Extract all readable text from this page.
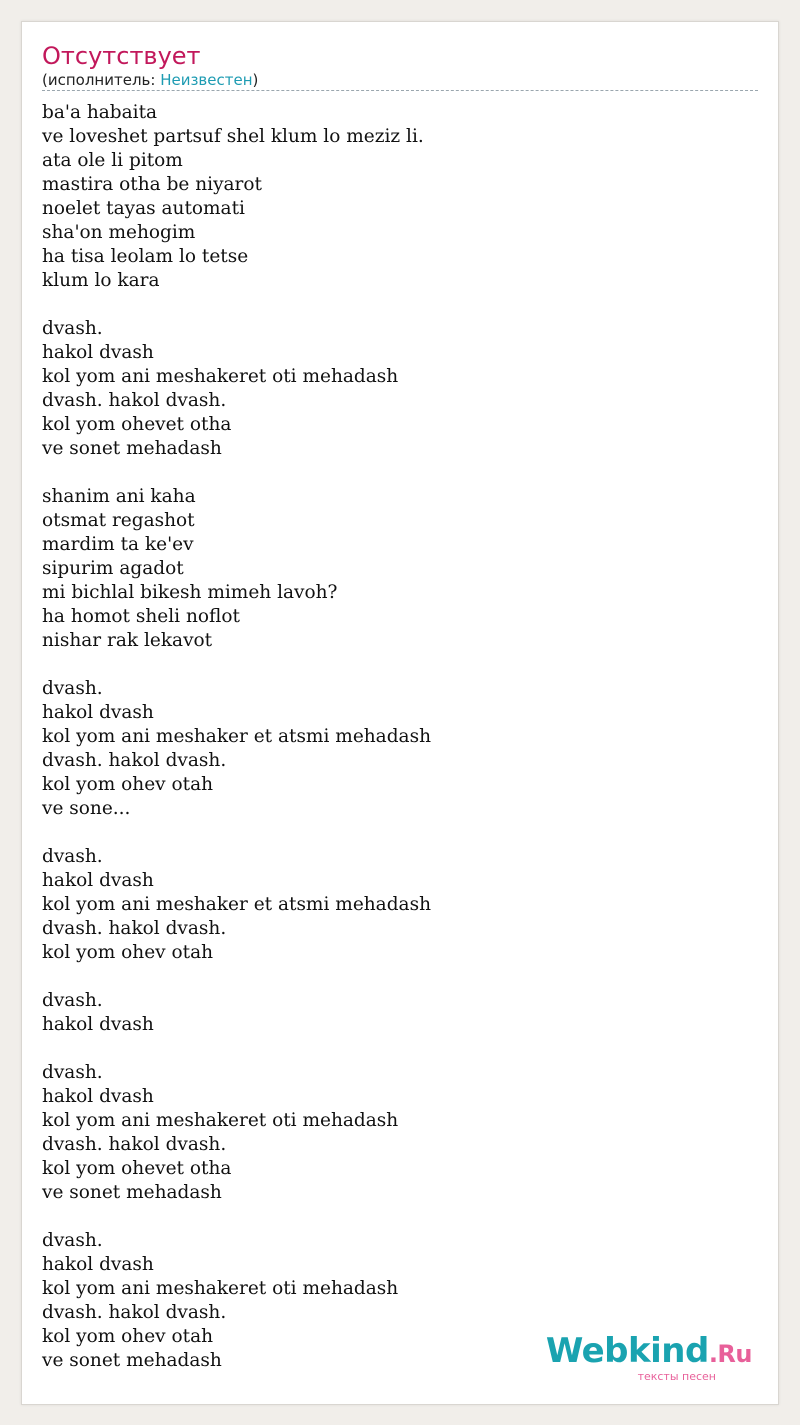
Отсутствует
(исполнитель: Неизвестен)
ba'a habaita
ve loveshet partsuf shel klum lo meziz li.
ata ole li pitom
mastira otha be niyarot
noelet tayas automati
sha'on mehogim
ha tisa leolam lo tetse
klum lo kara
dvash.
hakol dvash
kol yom ani meshakeret oti mehadash
dvash. hakol dvash.
kol yom ohevet otha
ve sonet mehadash
shanim ani kaha
otsmat regashot
mardim ta ke'ev
sipurim agadot
mi bichlal bikesh mimeh lavoh?
ha homot sheli noflot
nishar rak lekavot
dvash.
hakol dvash
kol yom ani meshaker et atsmi mehadash
dvash. hakol dvash.
kol yom ohev otah
ve sone...
dvash.
hakol dvash
kol yom ani meshaker et atsmi mehadash
dvash. hakol dvash.
kol yom ohev otah
dvash.
hakol dvash
dvash.
hakol dvash
kol yom ani meshakeret oti mehadash
dvash. hakol dvash.
kol yom ohevet otha
ve sonet mehadash
dvash.
hakol dvash
kol yom ani meshakeret oti mehadash
dvash. hakol dvash.
kol yom ohev otah
ve sonet mehadash	Webkind.Ru
тексты песен
